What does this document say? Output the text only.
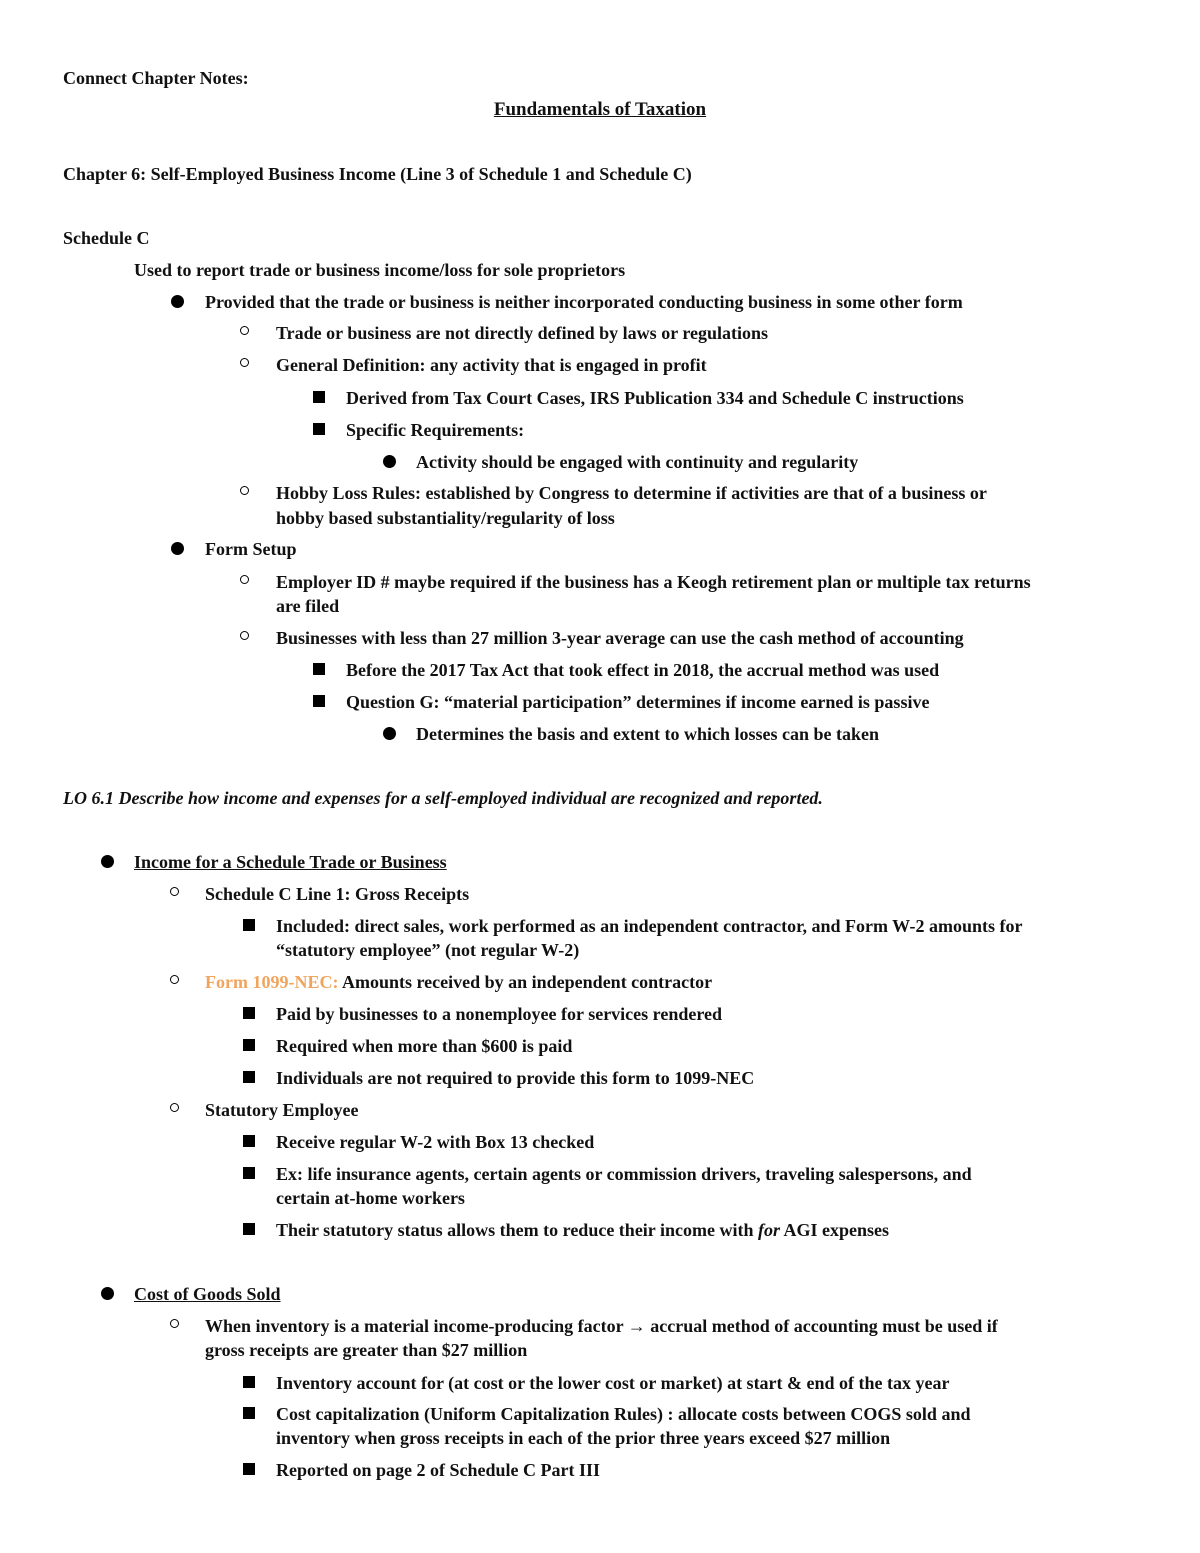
Connect Chapter Notes:
Fundamentals of Taxation
Chapter 6: Self-Employed Business Income (Line 3 of Schedule 1 and Schedule C)
Schedule C
Used to report trade or business income/loss for sole proprietors
Provided that the trade or business is neither incorporated conducting business in some other form
Trade or business are not directly defined by laws or regulations
General Definition: any activity that is engaged in profit
Derived from Tax Court Cases, IRS Publication 334 and Schedule C instructions
Specific Requirements:
Activity should be engaged with continuity and regularity
Hobby Loss Rules: established by Congress to determine if activities are that of a business or
hobby based substantiality/regularity of loss
Form Setup
Employer ID # maybe required if the business has a Keogh retirement plan or multiple tax returns
are filed
Businesses with less than 27 million 3-year average can use the cash method of accounting
Before the 2017 Tax Act that took effect in 2018, the accrual method was used
Question G: “material participation” determines if income earned is passive
Determines the basis and extent to which losses can be taken
LO 6.1 Describe how income and expenses for a self-employed individual are recognized and reported.
Income for a Schedule Trade or Business
Schedule C Line 1: Gross Receipts
Included: direct sales, work performed as an independent contractor, and Form W-2 amounts for
“statutory employee” (not regular W-2)
Form 1099-NEC: Amounts received by an independent contractor
Paid by businesses to a nonemployee for services rendered
Required when more than $600 is paid
Individuals are not required to provide this form to 1099-NEC
Statutory Employee
Receive regular W-2 with Box 13 checked
Ex: life insurance agents, certain agents or commission drivers, traveling salespersons, and
certain at-home workers
Their statutory status allows them to reduce their income with for AGI expenses
Cost of Goods Sold
When inventory is a material income-producing factor → accrual method of accounting must be used if
gross receipts are greater than $27 million
Inventory account for (at cost or the lower cost or market) at start & end of the tax year
Cost capitalization (Uniform Capitalization Rules) : allocate costs between COGS sold and
inventory when gross receipts in each of the prior three years exceed $27 million
Reported on page 2 of Schedule C Part III
